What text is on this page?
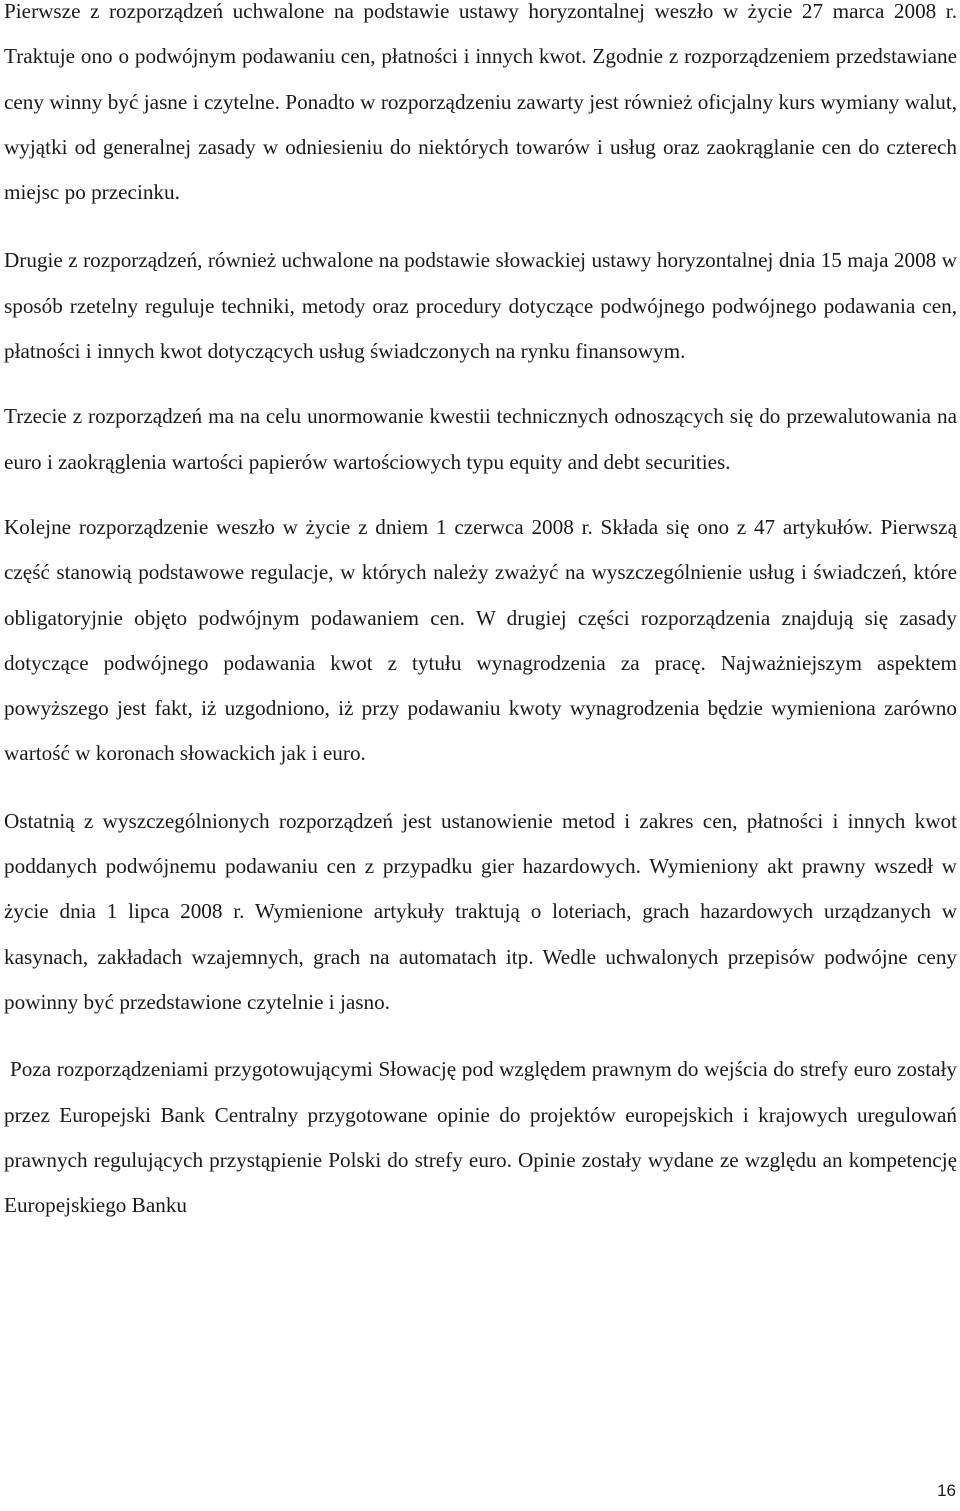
Pierwsze z rozporządzeń uchwalone na podstawie ustawy horyzontalnej weszło w życie 27 marca 2008 r. Traktuje ono o podwójnym podawaniu cen, płatności i innych kwot. Zgodnie z rozporządzeniem przedstawiane ceny winny być jasne i czytelne. Ponadto w rozporządzeniu zawarty jest również oficjalny kurs wymiany walut, wyjątki od generalnej zasady w odniesieniu do niektórych towarów i usług oraz zaokrąglanie cen do czterech miejsc po przecinku.

Drugie z rozporządzeń, również uchwalone na podstawie słowackiej ustawy horyzontalnej dnia 15 maja 2008 w sposób rzetelny reguluje techniki, metody oraz procedury dotyczące podwójnego podwójnego podawania cen, płatności i innych kwot dotyczących usług świadczonych na rynku finansowym.

Trzecie z rozporządzeń ma na celu unormowanie kwestii technicznych odnoszących się do przewalutowania na euro i zaokrąglenia wartości papierów wartościowych typu equity and debt securities.

Kolejne rozporządzenie weszło w życie z dniem 1 czerwca 2008 r. Składa się ono z 47 artykułów. Pierwszą część stanowią podstawowe regulacje, w których należy zważyć na wyszczególnienie usług i świadczeń, które obligatoryjnie objęto podwójnym podawaniem cen. W drugiej części rozporządzenia znajdują się zasady dotyczące podwójnego podawania kwot z tytułu wynagrodzenia za pracę. Najważniejszym aspektem powyższego jest fakt, iż uzgodniono, iż przy podawaniu kwoty wynagrodzenia będzie wymieniona zarówno wartość w koronach słowackich jak i euro.

Ostatnią z wyszczególnionych rozporządzeń jest ustanowienie metod i zakres cen, płatności i innych kwot poddanych podwójnemu podawaniu cen z przypadku gier hazardowych. Wymieniony akt prawny wszedł w życie dnia 1 lipca 2008 r. Wymienione artykuły traktują o loteriach, grach hazardowych urządzanych w kasynach, zakładach wzajemnych, grach na automatach itp. Wedle uchwalonych przepisów podwójne ceny powinny być przedstawione czytelnie i jasno.

Poza rozporządzeniami przygotowującymi Słowację pod względem prawnym do wejścia do strefy euro zostały przez Europejski Bank Centralny przygotowane opinie do projektów europejskich i krajowych uregulowań prawnych regulujących przystąpienie Polski do strefy euro. Opinie zostały wydane ze względu an kompetencję Europejskiego Banku

16
